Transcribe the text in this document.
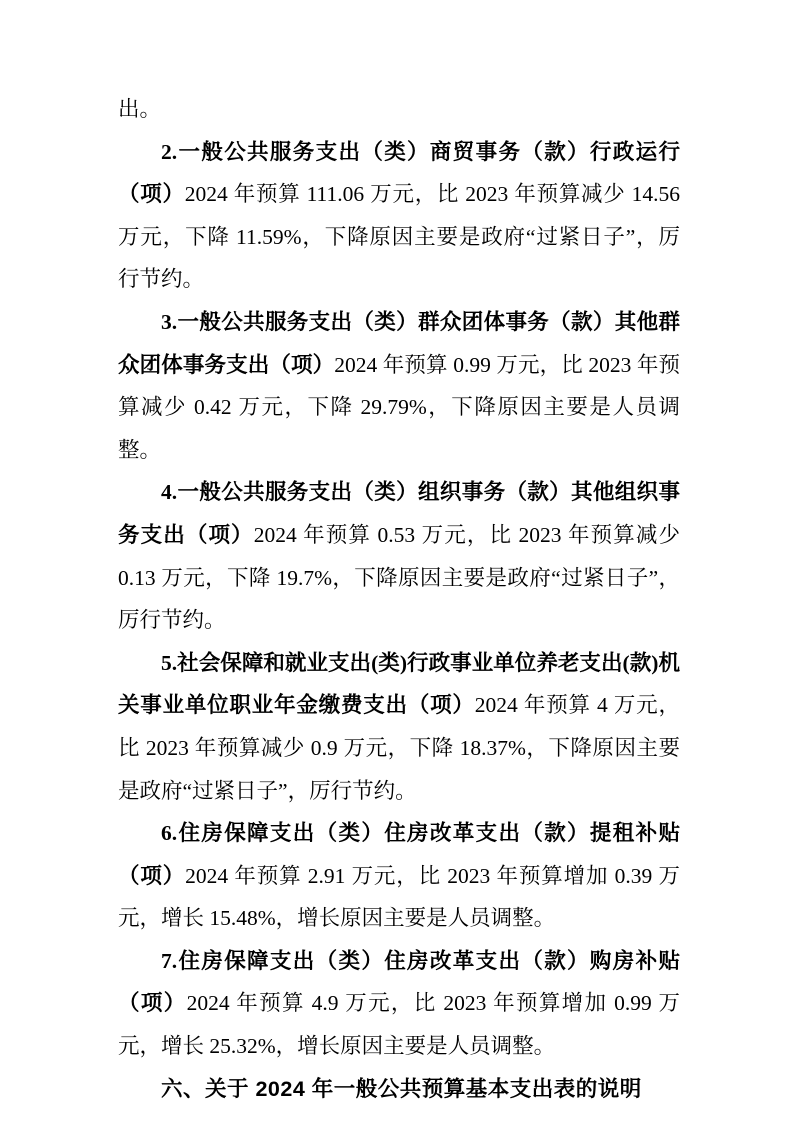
出。

2.一般公共服务支出（类）商贸事务（款）行政运行（项）2024 年预算 111.06 万元，比 2023 年预算减少 14.56 万元，下降 11.59%，下降原因主要是政府“过紧日子”，厉行节约。

3.一般公共服务支出（类）群众团体事务（款）其他群众团体事务支出（项）2024 年预算 0.99 万元，比 2023 年预算减少 0.42 万元，下降 29.79%，下降原因主要是人员调整。

4.一般公共服务支出（类）组织事务（款）其他组织事务支出（项）2024 年预算 0.53 万元，比 2023 年预算减少 0.13 万元，下降 19.7%，下降原因主要是政府“过紧日子”，厉行节约。

5.社会保障和就业支出(类)行政事业单位养老支出(款)机关事业单位职业年金缴费支出（项）2024 年预算 4 万元，比 2023 年预算减少 0.9 万元，下降 18.37%，下降原因主要是政府“过紧日子”，厉行节约。

6.住房保障支出（类）住房改革支出（款）提租补贴（项）2024 年预算 2.91 万元，比 2023 年预算增加 0.39 万元，增长 15.48%，增长原因主要是人员调整。

7.住房保障支出（类）住房改革支出（款）购房补贴（项）2024 年预算 4.9 万元，比 2023 年预算增加 0.99 万元，增长 25.32%，增长原因主要是人员调整。

六、关于 2024 年一般公共预算基本支出表的说明
